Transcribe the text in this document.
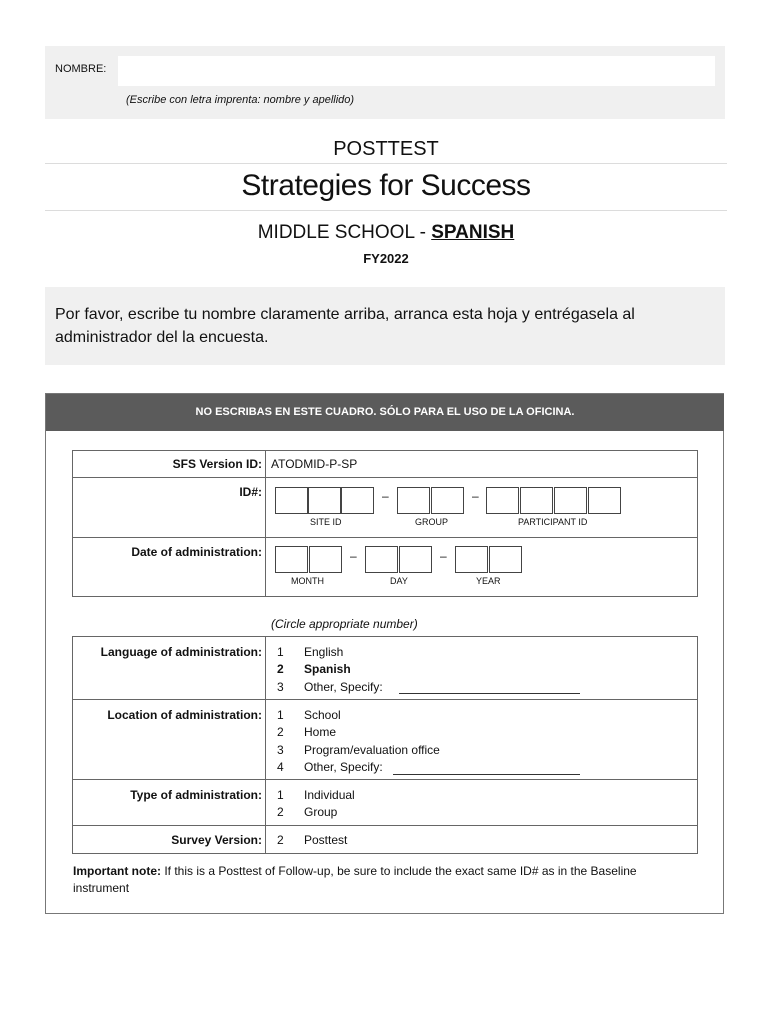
NOMBRE:
(Escribe con letra imprenta: nombre y apellido)
POSTTEST
Strategies for Success
MIDDLE SCHOOL - SPANISH
FY2022
Por favor, escribe tu nombre claramente arriba, arranca esta hoja y entrégasela al administrador del la encuesta.
NO ESCRIBAS EN ESTE CUADRO. SÓLO PARA EL USO DE LA OFICINA.
SFS Version ID: ATODMID-P-SP
ID#:	–	–
SITE ID	GROUP	PARTICIPANT ID
Date of administration:	–	–
MONTH	DAY	YEAR
(Circle appropriate number)
Language of administration: 1 English
2 Spanish
3 Other, Specify:
Location of administration: 1 School
2 Home
3 Program/evaluation office
4 Other, Specify:
Type of administration: 1 Individual
2 Group
Survey Version: 2 Posttest
Important note: If this is a Posttest of Follow-up, be sure to include the exact same ID# as in the Baseline instrument
